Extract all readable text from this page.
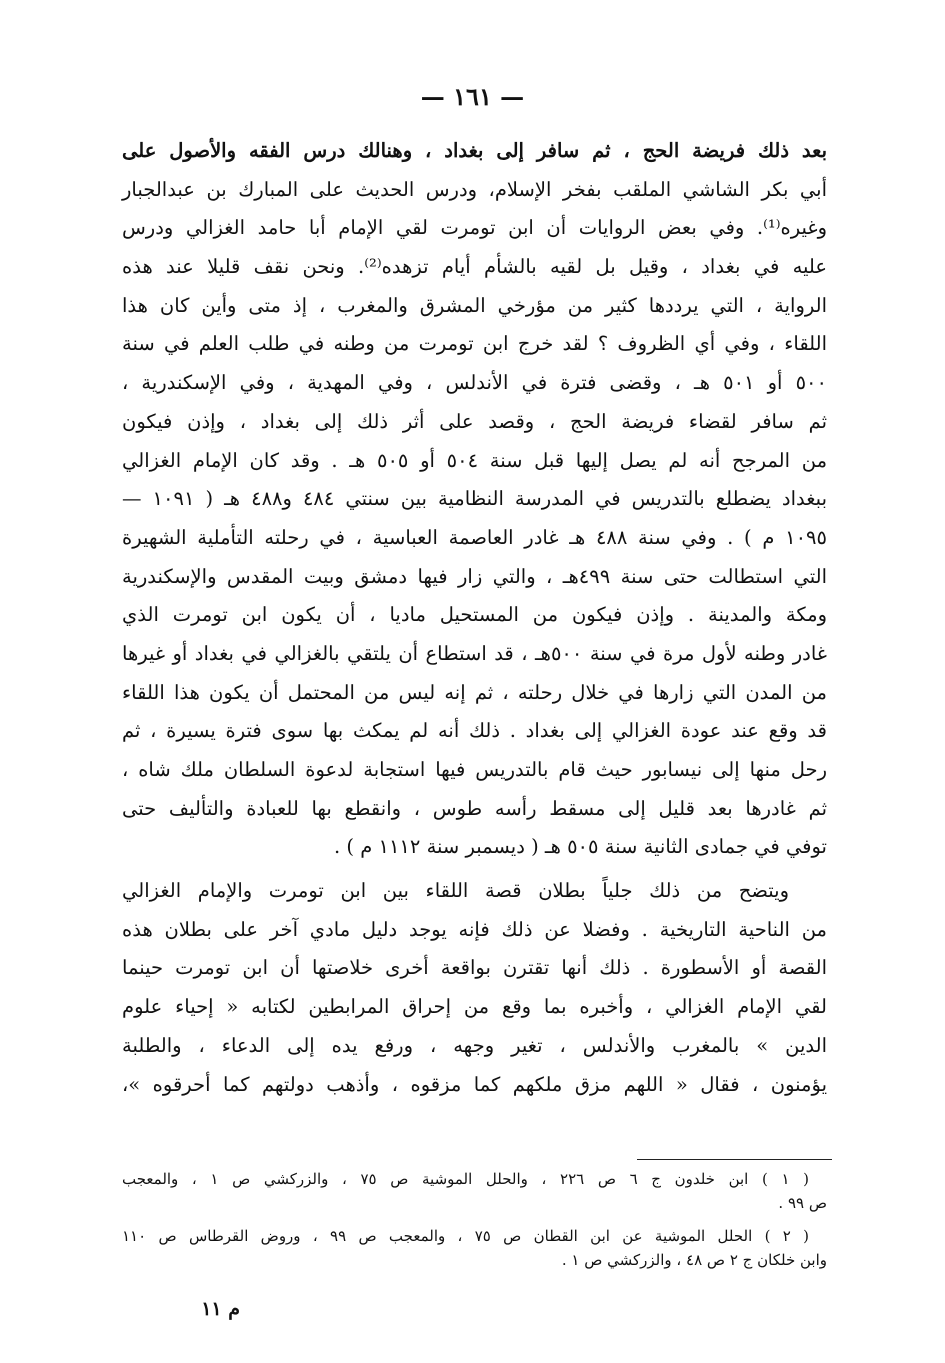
— ١٦١ —
بعد ذلك فريضة الحج ، ثم سافر إلى بغداد ، وهنالك درس الفقه والأصول على
أبي بكر الشاشي الملقب بفخر الإسلام، ودرس الحديث على المبارك بن عبدالجبار
وغيره⁽¹⁾. وفي بعض الروايات أن ابن تومرت لقي الإمام أبا حامد الغزالي ودرس
عليه في بغداد ، وقيل بل لقيه بالشأم أيام تزهده⁽²⁾. ونحن نقف قليلا عند هذه
الرواية ، التي يرددها كثير من مؤرخي المشرق والمغرب ، إذ متى وأين كان هذا
اللقاء ، وفي أي الظروف ؟ لقد خرج ابن تومرت من وطنه في طلب العلم في سنة
٥٠٠ أو ٥٠١ هـ ، وقضى فترة في الأندلس ، وفي المهدية ، وفي الإسكندرية ،
ثم سافر لقضاء فريضة الحج ، وقصد على أثر ذلك إلى بغداد ، وإذن فيكون
من المرجح أنه لم يصل إليها قبل سنة ٥٠٤ أو ٥٠٥ هـ . وقد كان الإمام الغزالي
ببغداد يضطلع بالتدريس في المدرسة النظامية بين سنتي ٤٨٤ و٤٨٨ هـ ( ١٠٩١ —
١٠٩٥ م ) . وفي سنة ٤٨٨ هـ غادر العاصمة العباسية ، في رحلته التأملية الشهيرة
التي استطالت حتى سنة ٤٩٩هـ ، والتي زار فيها دمشق وبيت المقدس والإسكندرية
ومكة والمدينة . وإذن فيكون من المستحيل ماديا ، أن يكون ابن تومرت الذي
غادر وطنه لأول مرة في سنة ٥٠٠هـ ، قد استطاع أن يلتقي بالغزالي في بغداد أو غيرها
من المدن التي زارها في خلال رحلته ، ثم إنه ليس من المحتمل أن يكون هذا اللقاء
قد وقع عند عودة الغزالي إلى بغداد . ذلك أنه لم يمكث بها سوى فترة يسيرة ، ثم
رحل منها إلى نيسابور حيث قام بالتدريس فيها استجابة لدعوة السلطان ملك شاه ،
ثم غادرها بعد قليل إلى مسقط رأسه طوس ، وانقطع بها للعبادة والتأليف حتى
توفي في جمادى الثانية سنة ٥٠٥ هـ ( ديسمبر سنة ١١١٢ م ) .
ويتضح من ذلك جلياً بطلان قصة اللقاء بين ابن تومرت والإمام الغزالي
من الناحية التاريخية . وفضلا عن ذلك فإنه يوجد دليل مادي آخر على بطلان هذه
القصة أو الأسطورة . ذلك أنها تقترن بواقعة أخرى خلاصتها أن ابن تومرت حينما
لقي الإمام الغزالي ، وأخبره بما وقع من إحراق المرابطين لكتابه « إحياء علوم
الدين » بالمغرب والأندلس ، تغير وجهه ، ورفع يده إلى الدعاء ، والطلبة
يؤمنون ، فقال « اللهم مزق ملكهم كما مزقوه ، وأذهب دولتهم كما أحرقوه »،
( ١ ) ابن خلدون ج ٦ ص ٢٢٦ ، والحلل الموشية ص ٧٥ ، والزركشي ص ١ ، والمعجب
ص ٩٩ .
( ٢ ) الحلل الموشية عن ابن القطان ص ٧٥ ، والمعجب ص ٩٩ ، وروض القرطاس ص ١١٠
وابن خلكان ج ٢ ص ٤٨ ، والزركشي ص ١ .
م ١١
